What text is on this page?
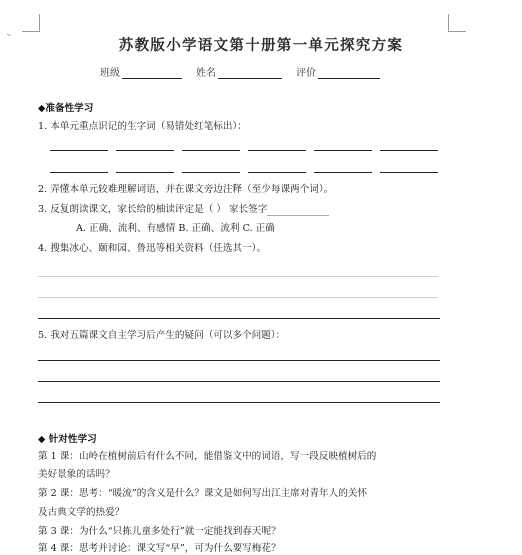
⌄
苏教版小学语文第十册第一单元探究方案
班级	姓名	评价
◆准备性学习
1. 本单元重点识记的生字词（易错处红笔标出）：
2. 弄懂本单元较难理解词语，并在课文旁边注释（至少每课两个词）。
3. 反复朗读课文，家长给的柚读评定是（ ） 家长签字
A. 正确、流利、有感情 B. 正确、流利 C. 正确
4. 搜集冰心、颐和园、鲁迅等相关资料（任选其一）。
5. 我对五篇课文自主学习后产生的疑问（可以多个问题）：
◆ 针对性学习
第 1 课：山岭在植树前后有什么不同，能借鉴文中的词语，写一段反映植树后的
美好景象的话吗？
第 2 课：思考：“暖流”的含义是什么？课文是如何写出江主席对青年人的关怀
及古典文学的热爱？
第 3 课：为什么“只拣儿童多处行”就一定能找到春天呢？
第 4 课：思考并讨论：课文写“早”，可为什么要写梅花？
